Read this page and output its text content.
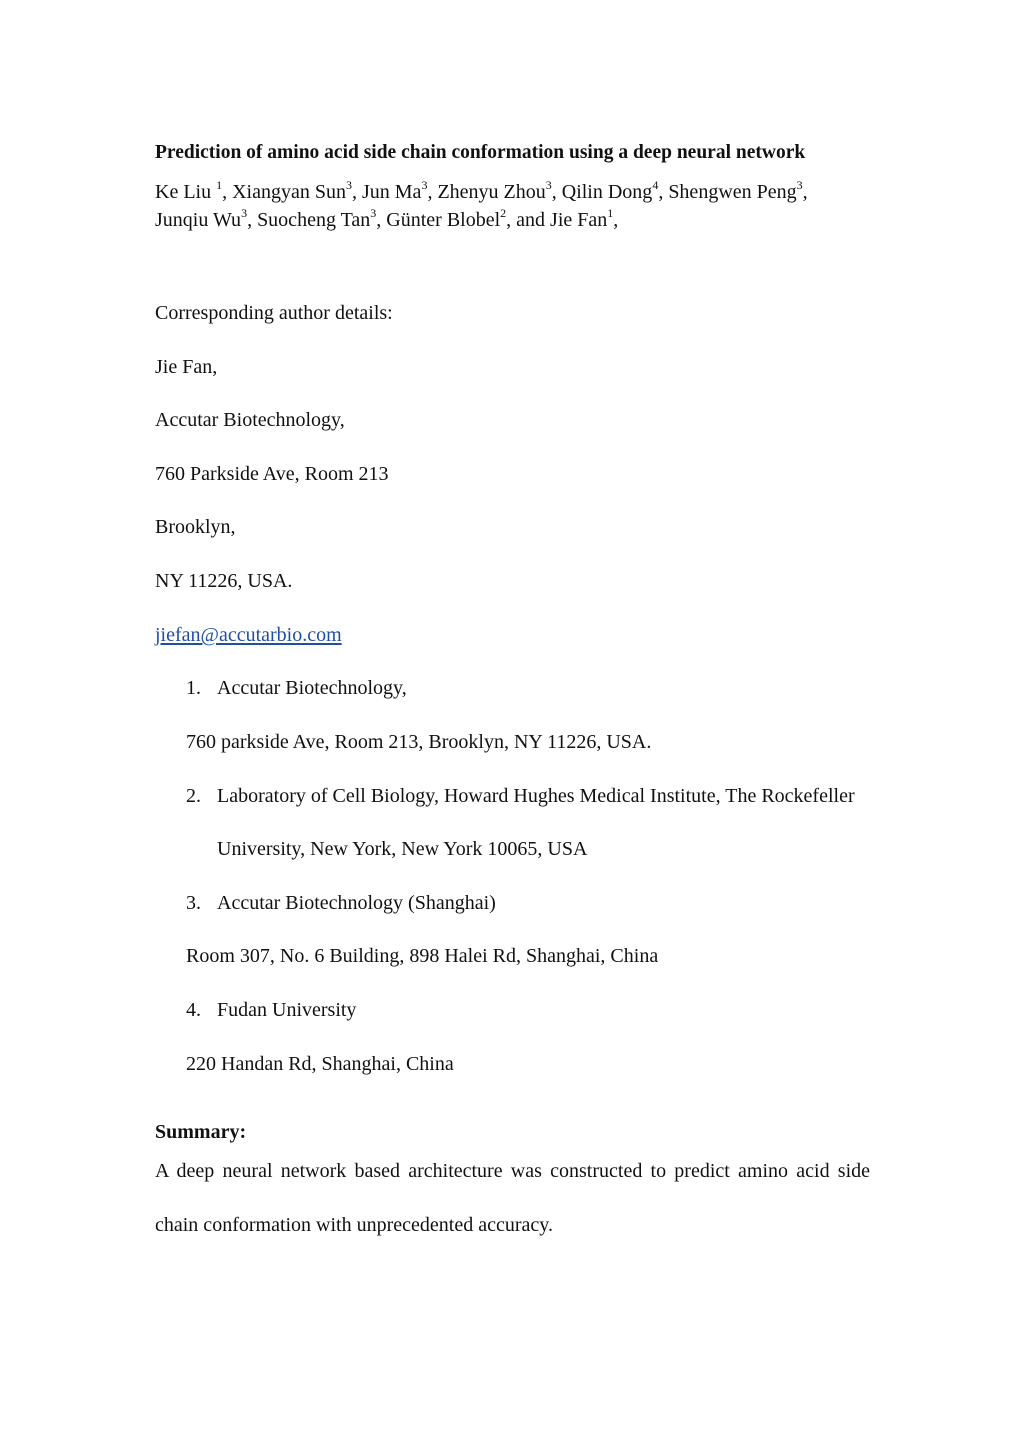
Prediction of amino acid side chain conformation using a deep neural network
Ke Liu $^1$, Xiangyan Sun$^3$, Jun Ma$^3$, Zhenyu Zhou$^3$, Qilin Dong$^4$, Shengwen Peng$^3$,
Junqiu Wu$^3$, Suocheng Tan$^3$, Günter Blobel$^2$, and Jie Fan$^1$,
Corresponding author details:
Jie Fan,
Accutar Biotechnology,
760 Parkside Ave, Room 213
Brooklyn,
NY 11226, USA.
jiefan@accutarbio.com
1. Accutar Biotechnology,
760 parkside Ave, Room 213, Brooklyn, NY 11226, USA.
2. Laboratory of Cell Biology, Howard Hughes Medical Institute, The Rockefeller
University, New York, New York 10065, USA
3. Accutar Biotechnology (Shanghai)
Room 307, No. 6 Building, 898 Halei Rd, Shanghai, China
4. Fudan University
220 Handan Rd, Shanghai, China
Summary:
A deep neural network based architecture was constructed to predict amino acid side
chain conformation with unprecedented accuracy.
